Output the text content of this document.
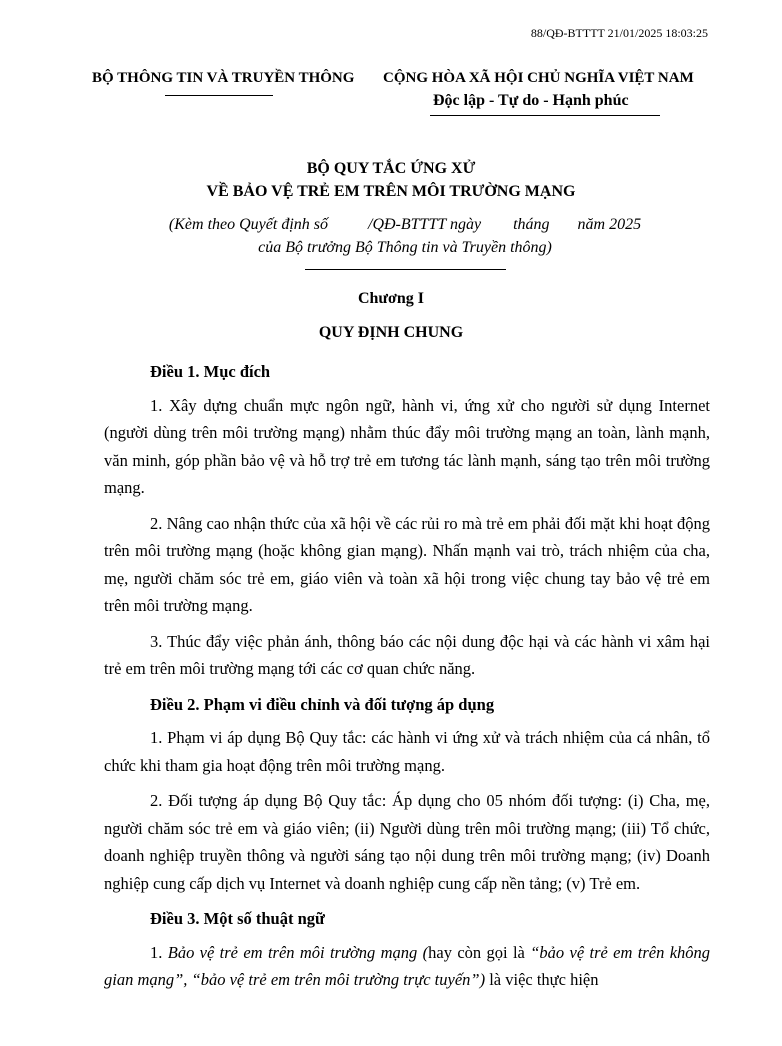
88/QĐ-BTTTT 21/01/2025 18:03:25
BỘ THÔNG TIN VÀ TRUYỀN THÔNG CỘNG HÒA XÃ HỘI CHỦ NGHĨA VIỆT NAM
Độc lập - Tự do - Hạnh phúc
BỘ QUY TẮC ỨNG XỬ
VỀ BẢO VỆ TRẺ EM TRÊN MÔI TRƯỜNG MẠNG
(Kèm theo Quyết định số          /QĐ-BTTTT ngày        tháng       năm 2025
của Bộ trưởng Bộ Thông tin và Truyền thông)
Chương I
QUY ĐỊNH CHUNG

Điều 1. Mục đích

1. Xây dựng chuẩn mực ngôn ngữ, hành vi, ứng xử cho người sử dụng Internet (người dùng trên môi trường mạng) nhằm thúc đẩy môi trường mạng an toàn, lành mạnh, văn minh, góp phần bảo vệ và hỗ trợ trẻ em tương tác lành mạnh, sáng tạo trên môi trường mạng.

2. Nâng cao nhận thức của xã hội về các rủi ro mà trẻ em phải đối mặt khi hoạt động trên môi trường mạng (hoặc không gian mạng). Nhấn mạnh vai trò, trách nhiệm của cha, mẹ, người chăm sóc trẻ em, giáo viên và toàn xã hội trong việc chung tay bảo vệ trẻ em trên môi trường mạng.

3. Thúc đẩy việc phản ánh, thông báo các nội dung độc hại và các hành vi xâm hại trẻ em trên môi trường mạng tới các cơ quan chức năng.

Điều 2. Phạm vi điều chỉnh và đối tượng áp dụng

1. Phạm vi áp dụng Bộ Quy tắc: các hành vi ứng xử và trách nhiệm của cá nhân, tổ chức khi tham gia hoạt động trên môi trường mạng.

2. Đối tượng áp dụng Bộ Quy tắc: Áp dụng cho 05 nhóm đối tượng: (i) Cha, mẹ, người chăm sóc trẻ em và giáo viên; (ii) Người dùng trên môi trường mạng; (iii) Tổ chức, doanh nghiệp truyền thông và người sáng tạo nội dung trên môi trường mạng; (iv) Doanh nghiệp cung cấp dịch vụ Internet và doanh nghiệp cung cấp nền tảng; (v) Trẻ em.

Điều 3. Một số thuật ngữ

1. Bảo vệ trẻ em trên môi trường mạng (hay còn gọi là “bảo vệ trẻ em trên không gian mạng”, “bảo vệ trẻ em trên môi trường trực tuyến”) là việc thực hiện
